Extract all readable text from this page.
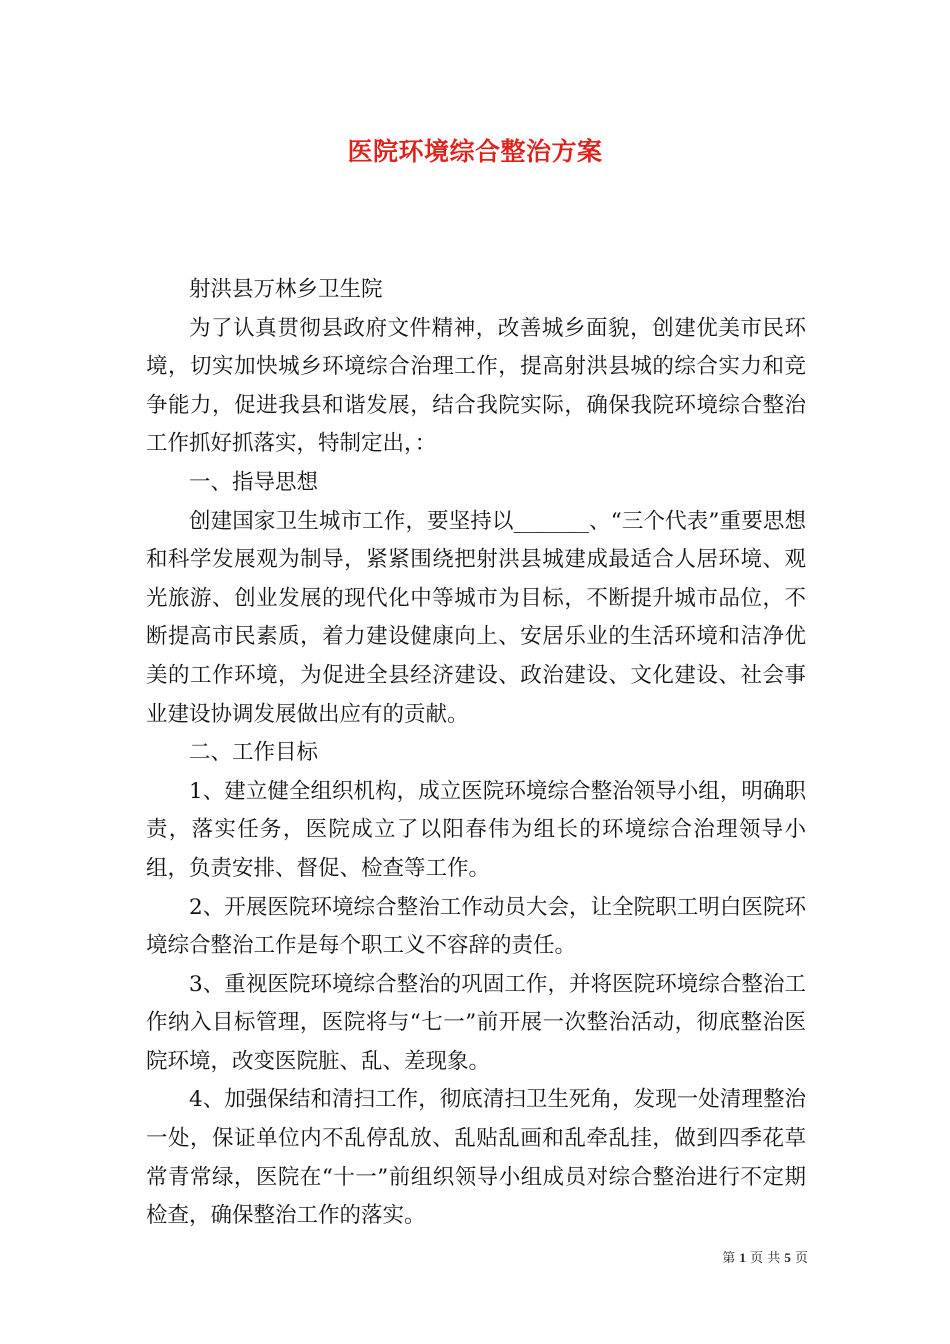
医院环境综合整治方案

射洪县万林乡卫生院

为了认真贯彻县政府文件精神，改善城乡面貌，创建优美市民环境，切实加快城乡环境综合治理工作，提高射洪县城的综合实力和竞争能力，促进我县和谐发展，结合我院实际，确保我院环境综合整治工作抓好抓落实，特制定出，：

一、指导思想

创建国家卫生城市工作，要坚持以_______、“三个代表”重要思想和科学发展观为制导，紧紧围绕把射洪县城建成最适合人居环境、观光旅游、创业发展的现代化中等城市为目标，不断提升城市品位，不断提高市民素质，着力建设健康向上、安居乐业的生活环境和洁净优美的工作环境，为促进全县经济建设、政治建设、文化建设、社会事业建设协调发展做出应有的贡献。

二、工作目标

1、建立健全组织机构，成立医院环境综合整治领导小组，明确职责，落实任务，医院成立了以阳春伟为组长的环境综合治理领导小组，负责安排、督促、检查等工作。

2、开展医院环境综合整治工作动员大会，让全院职工明白医院环境综合整治工作是每个职工义不容辞的责任。

3、重视医院环境综合整治的巩固工作，并将医院环境综合整治工作纳入目标管理，医院将与“七一”前开展一次整治活动，彻底整治医院环境，改变医院脏、乱、差现象。

4、加强保结和清扫工作，彻底清扫卫生死角，发现一处清理整治一处，保证单位内不乱停乱放、乱贴乱画和乱牵乱挂，做到四季花草常青常绿，医院在“十一”前组织领导小组成员对综合整治进行不定期检查，确保整治工作的落实。

第 1 页 共 5 页
